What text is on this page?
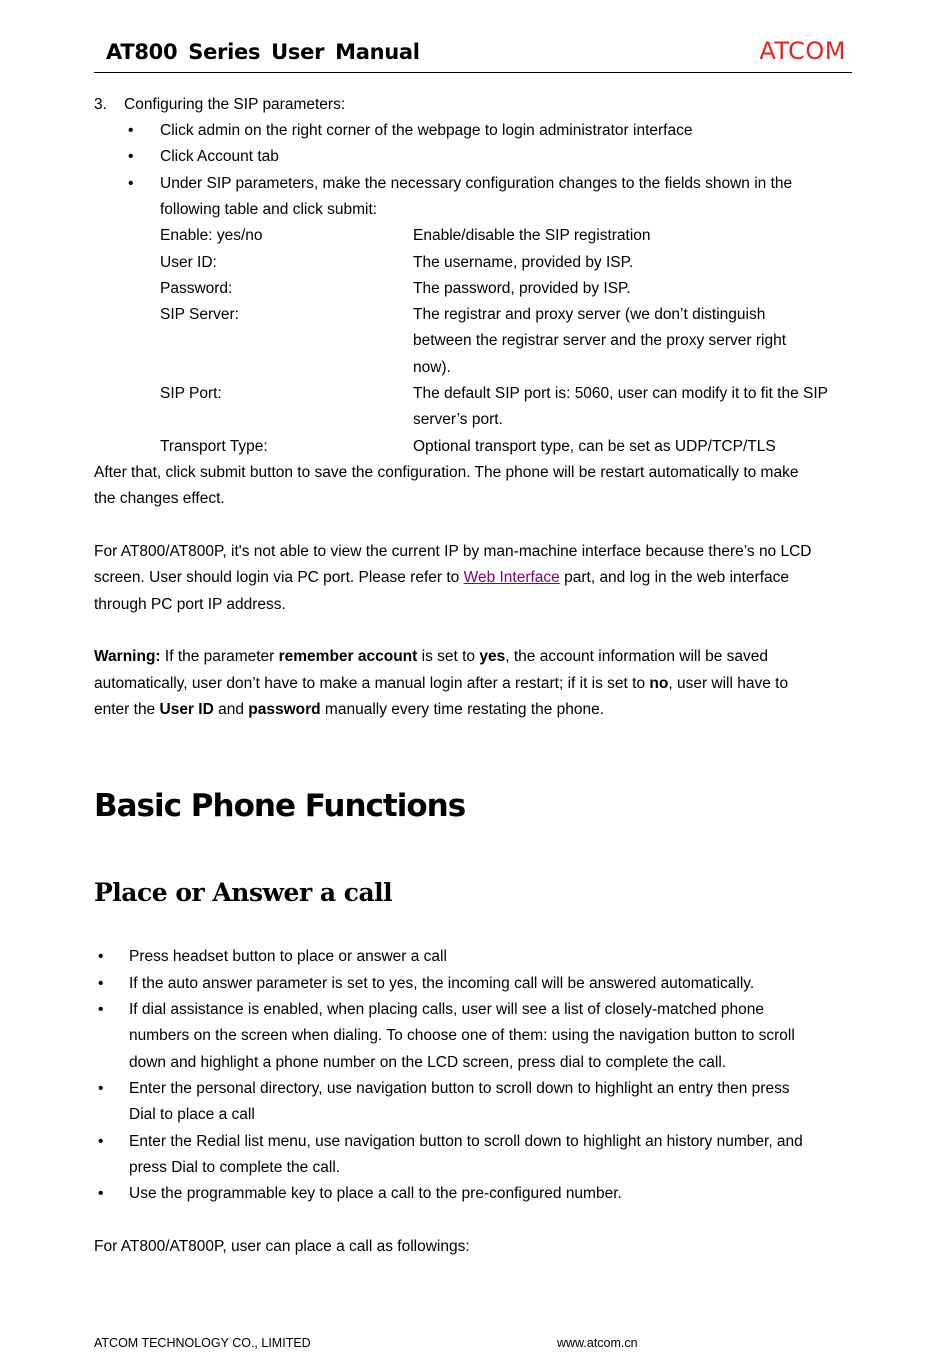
AT800 Series User Manual	ATCOM
3. Configuring the SIP parameters:
• Click admin on the right corner of the webpage to login administrator interface
• Click Account tab
• Under SIP parameters, make the necessary configuration changes to the fields shown in the
following table and click submit:
Enable: yes/no	Enable/disable the SIP registration
User ID:	The username, provided by ISP.
Password:	The password, provided by ISP.
SIP Server:	The registrar and proxy server (we don’t distinguish
between the registrar server and the proxy server right
now).
SIP Port:	The default SIP port is: 5060, user can modify it to fit the SIP
server’s port.
Transport Type:	Optional transport type, can be set as UDP/TCP/TLS
After that, click submit button to save the configuration. The phone will be restart automatically to make
the changes effect.
For AT800/AT800P, it's not able to view the current IP by man-machine interface because there’s no LCD
screen. User should login via PC port. Please refer to Web Interface part, and log in the web interface
through PC port IP address.
Warning: If the parameter remember account is set to yes, the account information will be saved
automatically, user don’t have to make a manual login after a restart; if it is set to no, user will have to
enter the User ID and password manually every time restating the phone.
Basic Phone Functions
Place or Answer a call
• Press headset button to place or answer a call
• If the auto answer parameter is set to yes, the incoming call will be answered automatically.
• If dial assistance is enabled, when placing calls, user will see a list of closely-matched phone
numbers on the screen when dialing. To choose one of them: using the navigation button to scroll
down and highlight a phone number on the LCD screen, press dial to complete the call.
• Enter the personal directory, use navigation button to scroll down to highlight an entry then press
Dial to place a call
• Enter the Redial list menu, use navigation button to scroll down to highlight an history number, and
press Dial to complete the call.
• Use the programmable key to place a call to the pre-configured number.
For AT800/AT800P, user can place a call as followings:
ATCOM TECHNOLOGY CO., LIMITED	www.atcom.cn
